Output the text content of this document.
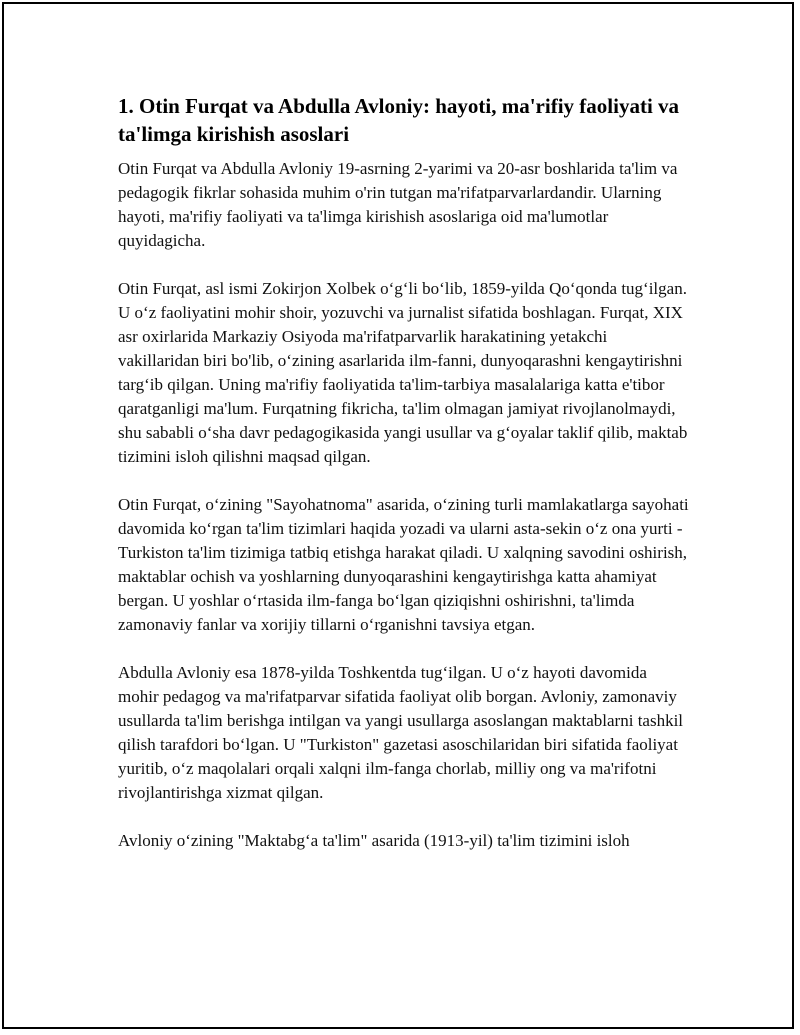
1. Otin Furqat va Abdulla Avloniy: hayoti, ma'rifiy faoliyati va ta'limga kirishish asoslari

Otin Furqat va Abdulla Avloniy 19-asrning 2-yarimi va 20-asr boshlarida ta'lim va pedagogik fikrlar sohasida muhim o'rin tutgan ma'rifatparvarlardandir. Ularning hayoti, ma'rifiy faoliyati va ta'limga kirishish asoslariga oid ma'lumotlar quyidagicha.

Otin Furqat, asl ismi Zokirjon Xolbek o‘g‘li bo‘lib, 1859-yilda Qo‘qonda tug‘ilgan. U o‘z faoliyatini mohir shoir, yozuvchi va jurnalist sifatida boshlagan. Furqat, XIX asr oxirlarida Markaziy Osiyoda ma'rifatparvarlik harakatining yetakchi vakillaridan biri bo'lib, o‘zining asarlarida ilm-fanni, dunyoqarashni kengaytirishni targ‘ib qilgan. Uning ma'rifiy faoliyatida ta'lim-tarbiya masalalariga katta e'tibor qaratganligi ma'lum. Furqatning fikricha, ta'lim olmagan jamiyat rivojlanolmaydi, shu sababli o‘sha davr pedagogikasida yangi usullar va g‘oyalar taklif qilib, maktab tizimini isloh qilishni maqsad qilgan.

Otin Furqat, o‘zining "Sayohatnoma" asarida, o‘zining turli mamlakatlarga sayohati davomida ko‘rgan ta'lim tizimlari haqida yozadi va ularni asta-sekin o‘z ona yurti - Turkiston ta'lim tizimiga tatbiq etishga harakat qiladi. U xalqning savodini oshirish, maktablar ochish va yoshlarning dunyoqarashini kengaytirishga katta ahamiyat bergan. U yoshlar o‘rtasida ilm-fanga bo‘lgan qiziqishni oshirishni, ta'limda zamonaviy fanlar va xorijiy tillarni o‘rganishni tavsiya etgan.

Abdulla Avloniy esa 1878-yilda Toshkentda tug‘ilgan. U o‘z hayoti davomida mohir pedagog va ma'rifatparvar sifatida faoliyat olib borgan. Avloniy, zamonaviy usullarda ta'lim berishga intilgan va yangi usullarga asoslangan maktablarni tashkil qilish tarafdori bo‘lgan. U "Turkiston" gazetasi asoschilaridan biri sifatida faoliyat yuritib, o‘z maqolalari orqali xalqni ilm-fanga chorlab, milliy ong va ma'rifotni rivojlantirishga xizmat qilgan.

Avloniy o‘zining "Maktabg‘a ta'lim" asarida (1913-yil) ta'lim tizimini isloh
